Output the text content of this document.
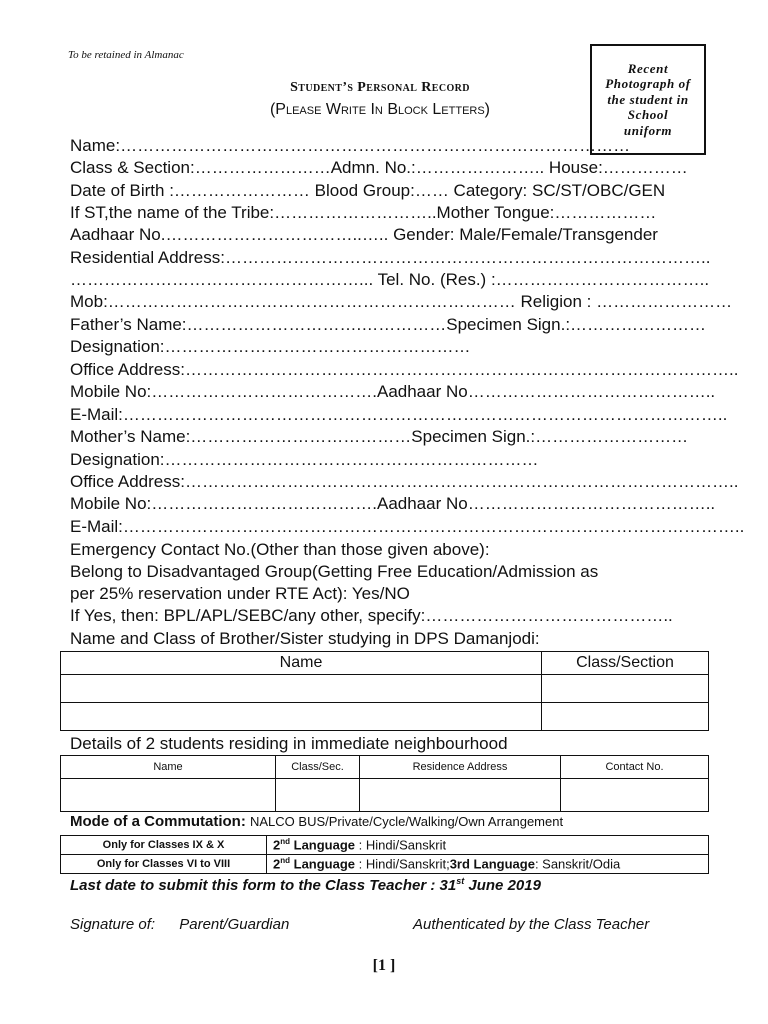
To be retained in Almanac
Recent Photograph of the student in School uniform
Student’s Personal Record
(Please Write In Block Letters)
Name:………………………………………………………………………………
Class & Section:……………………Admn. No.:………………….. House:……………
Date of Birth :…………………… Blood Group:…… Category: SC/ST/OBC/GEN
If ST,the name of the Tribe:………………………..Mother Tongue:………………
Aadhaar No.……………………………..….. Gender: Male/Female/Transgender
Residential Address:…………………………………………………………………………..
……………………………………………... Tel. No. (Res.) :………………………………..
Mob:……………………………………………………………… Religion : ……………………
Father’s Name:………………………….……………Specimen Sign.:……………………
Designation:………………………………………………
Office Address:……………………………………………………………………………………..
Mobile No:………………………………….Aadhaar No……………………………………..
E-Mail:……………………………………………………………………………………………..
Mother’s Name:…………………………………Specimen Sign.:………………………
Designation:…………………………………………………………
Office Address:……………………………………………………………………………………..
Mobile No:………………………………….Aadhaar No……………………………………..
E-Mail:………………………………………………………………………………………………..
Emergency Contact No.(Other than those given above):
Belong to Disadvantaged Group(Getting Free Education/Admission as
per 25% reservation under RTE Act): Yes/NO
If Yes, then: BPL/APL/SEBC/any other, specify:……………………………………..
Name and Class of Brother/Sister studying in DPS Damanjodi:
Name	Class/Section

Details of 2 students residing in immediate neighbourhood
Name	Class/Sec.	Residence Address	Contact No.

Mode of a Commutation: NALCO BUS/Private/Cycle/Walking/Own Arrangement
Only for Classes IX & X	2nd Language : Hindi/Sanskrit
Only for Classes VI to VIII	2nd Language : Hindi/Sanskrit;3rd Language: Sanskrit/Odia
Last date to submit this form to the Class Teacher : 31st June 2019
Signature of: Parent/Guardian	Authenticated by the Class Teacher
[1 ]
